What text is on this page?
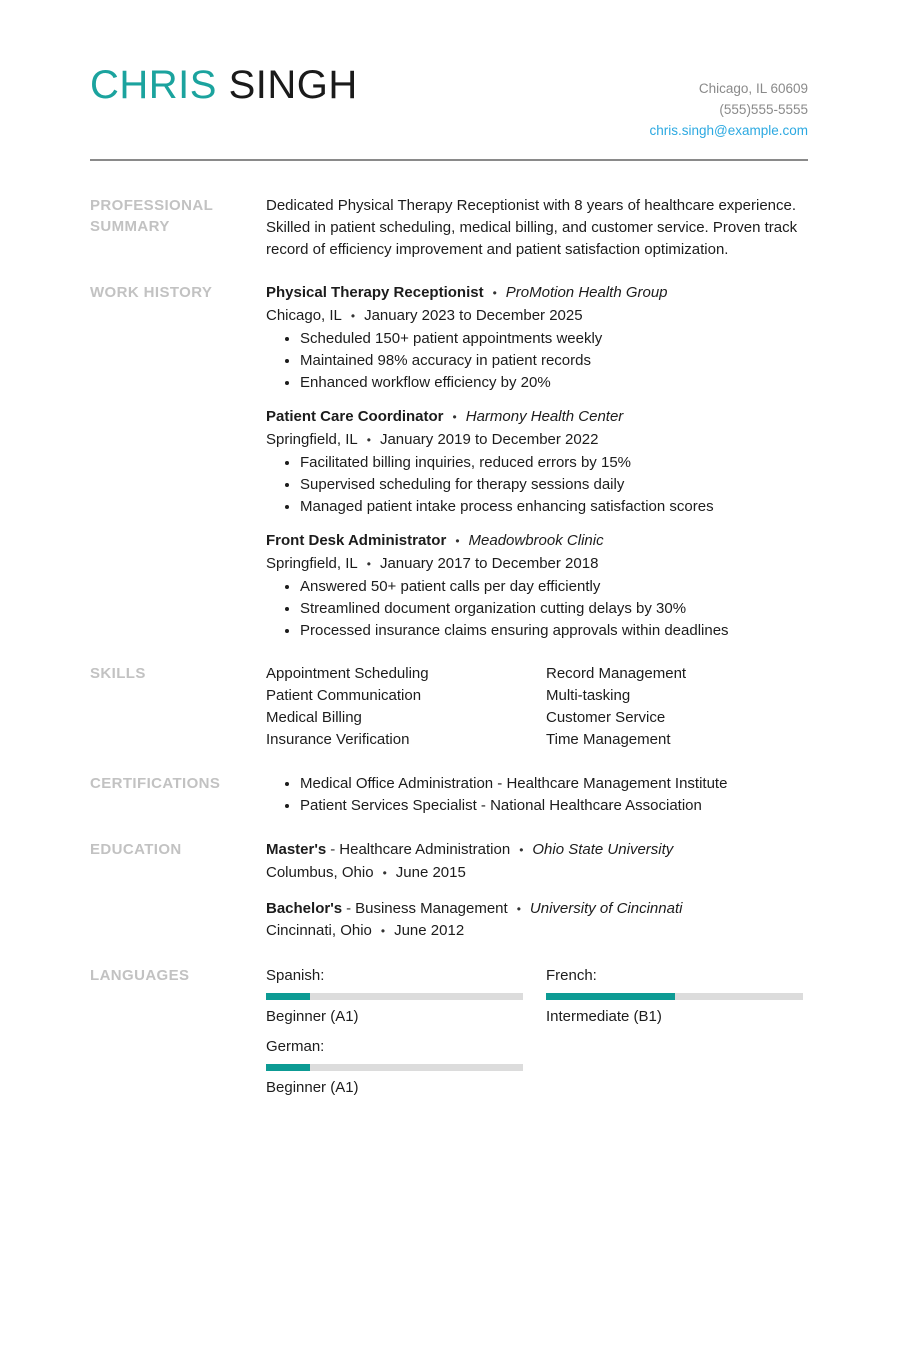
CHRIS SINGH	Chicago, IL 60609
(555)555-5555
chris.singh@example.com
PROFESSIONAL SUMMARY

Dedicated Physical Therapy Receptionist with 8 years of healthcare experience. Skilled in patient scheduling, medical billing, and customer service. Proven track record of efficiency improvement and patient satisfaction optimization.

WORK HISTORY	Physical Therapy Receptionist • ProMotion Health Group
Chicago, IL • January 2023 to December 2025
• Scheduled 150+ patient appointments weekly
• Maintained 98% accuracy in patient records
• Enhanced workflow efficiency by 20%
Patient Care Coordinator • Harmony Health Center
Springfield, IL • January 2019 to December 2022
• Facilitated billing inquiries, reduced errors by 15%
• Supervised scheduling for therapy sessions daily
• Managed patient intake process enhancing satisfaction scores
Front Desk Administrator • Meadowbrook Clinic
Springfield, IL • January 2017 to December 2018
• Answered 50+ patient calls per day efficiently
• Streamlined document organization cutting delays by 30%
• Processed insurance claims ensuring approvals within deadlines
SKILLS	Appointment Scheduling
Patient Communication
Medical Billing
Insurance Verification
Record Management
Multi-tasking
Customer Service
Time Management
CERTIFICATIONS	• Medical Office Administration - Healthcare Management Institute
• Patient Services Specialist - National Healthcare Association
EDUCATION	Master's - Healthcare Administration • Ohio State University
Columbus, Ohio • June 2015
Bachelor's - Business Management • University of Cincinnati
Cincinnati, Ohio • June 2012
LANGUAGES	Spanish:
Beginner (A1)
French:
Intermediate (B1)
German:
Beginner (A1)
